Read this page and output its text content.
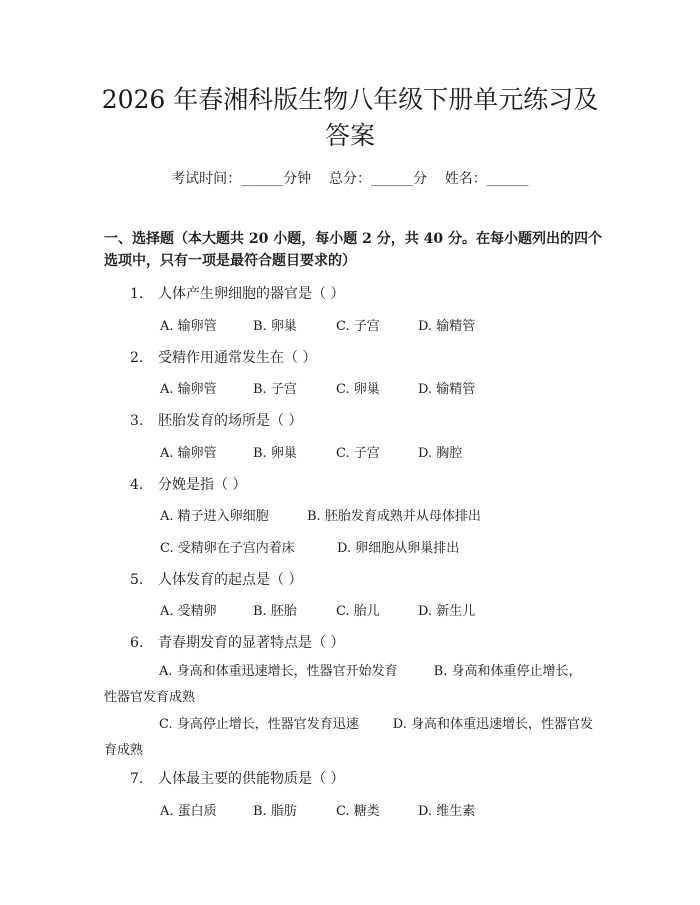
2026 年春湘科版生物八年级下册单元练习及
答案
考试时间：______分钟    总分：______分    姓名：______
一、选择题（本大题共 20 小题，每小题 2 分，共 40 分。在每小题列出的四个选项中，只有一项是最符合题目要求的）
1. 人体产生卵细胞的器官是（ ）
A. 输卵管	B. 卵巢	C. 子宫	D. 输精管
2. 受精作用通常发生在（ ）
A. 输卵管	B. 子宫	C. 卵巢	D. 输精管
3. 胚胎发育的场所是（ ）
A. 输卵管	B. 卵巢	C. 子宫	D. 胸腔
4. 分娩是指（ ）
A. 精子进入卵细胞	B. 胚胎发育成熟并从母体排出
C. 受精卵在子宫内着床	D. 卵细胞从卵巢排出
5. 人体发育的起点是（ ）
A. 受精卵	B. 胚胎	C. 胎儿	D. 新生儿
6. 青春期发育的显著特点是（ ）
A. 身高和体重迅速增长，性器官开始发育	B. 身高和体重停止增长，性器官发育成熟
C. 身高停止增长，性器官发育迅速	D. 身高和体重迅速增长，性器官发育成熟
7. 人体最主要的供能物质是（ ）
A. 蛋白质	B. 脂肪	C. 糖类	D. 维生素
